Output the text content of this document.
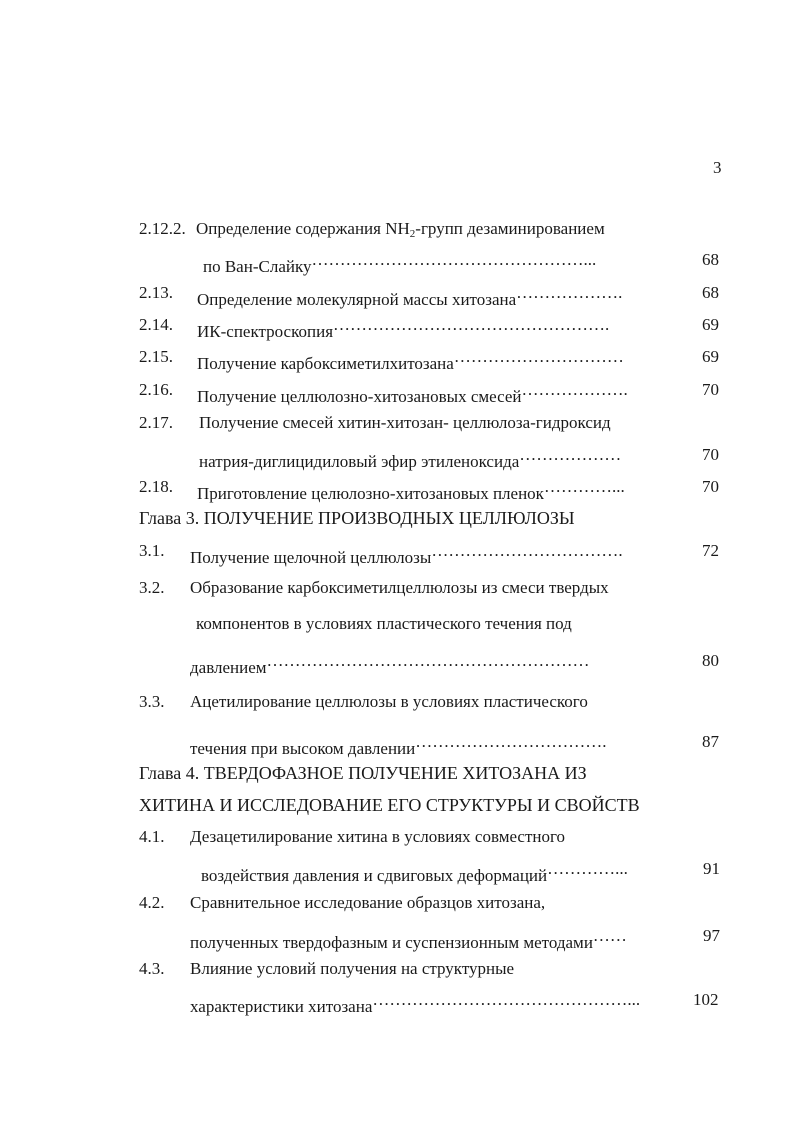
3
2.12.2. Определение содержания $NH_2$-групп дезаминированием
по Ван-Слайку…………………………………………...	68
2.13. Определение молекулярной массы хитозана……………….	68
2.14. ИК-спектроскопия………………………………………….	69
2.15. Получение карбоксиметилхитозана…………………………	69
2.16. Получение целлюлозно-хитозановых смесей……………….	70
2.17. Получение смесей хитин-хитозан- целлюлоза-гидроксид
натрия-диглицидиловый эфир этиленоксида………………	70
2.18. Приготовление целюлозно-хитозановых пленок…………...	70
Глава 3. ПОЛУЧЕНИЕ ПРОИЗВОДНЫХ ЦЕЛЛЮЛОЗЫ
3.1. Получение щелочной целлюлозы…………………………….	72
3.2. Образование карбоксиметилцеллюлозы из смеси твердых
компонентов в условиях пластического течения под
давлением…………………………………………………	80
3.3. Ацетилирование целлюлозы в условиях пластического
течения при высоком давлении…………………………….	87
Глава 4. ТВЕРДОФАЗНОЕ ПОЛУЧЕНИЕ ХИТОЗАНА ИЗ
ХИТИНА И ИССЛЕДОВАНИЕ ЕГО СТРУКТУРЫ И СВОЙСТВ
4.1. Дезацетилирование хитина в условиях совместного
воздействия давления и сдвиговых деформаций…………...	91
4.2. Сравнительное исследование образцов хитозана,
полученных твердофазным и суспензионным методами……	97
4.3. Влияние условий получения на структурные
характеристики хитозана………………………………………...	102
